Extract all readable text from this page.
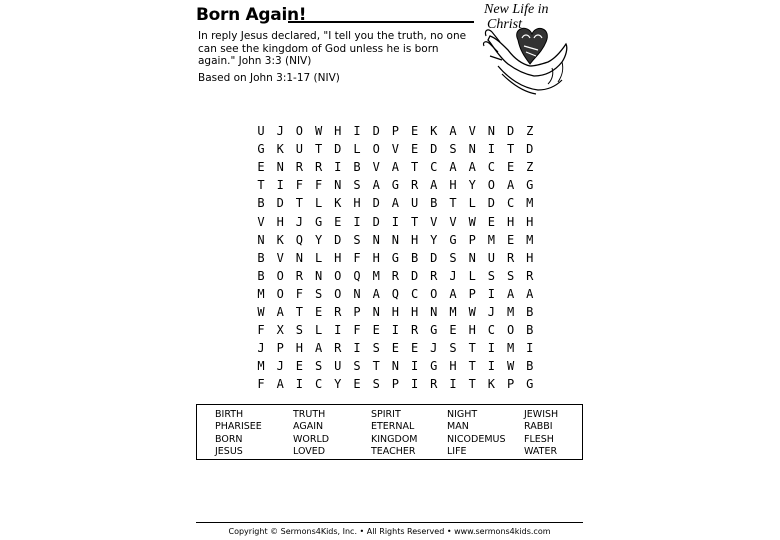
Born Again!
In reply Jesus declared, "I tell you the truth, no one can see the kingdom of God unless he is born again." John 3:3 (NIV)
Based on John 3:1-17 (NIV)
New Life in
Christ
U J O W H I D P E K A V N D Z
G K U T D L O V E D S N I T D
E N R R I B V A T C A A C E Z
T I F F N S A G R A H Y O A G
B D T L K H D A U B T L D C M
V H J G E I D I T V V W E H H
N K Q Y D S N N H Y G P M E M
B V N L H F H G B D S N U R H
B O R N O Q M R D R J L S S R
M O F S O N A Q C O A P I A A
W A T E R P N H H N M W J M B
F X S L I F E I R G E H C O B
J P H A R I S E E J S T I M I
M J E S U S T N I G H T I W B
F A I C Y E S P I R I T K P G
BIRTH	TRUTH	SPIRIT	NIGHT	JEWISH
PHARISEE	AGAIN	ETERNAL	MAN	RABBI
BORN	WORLD	KINGDOM	NICODEMUS FLESH
JESUS	LOVED	TEACHER	LIFE	WATER
Copyright © Sermons4Kids, Inc. • All Rights Reserved • www.sermons4kids.com
